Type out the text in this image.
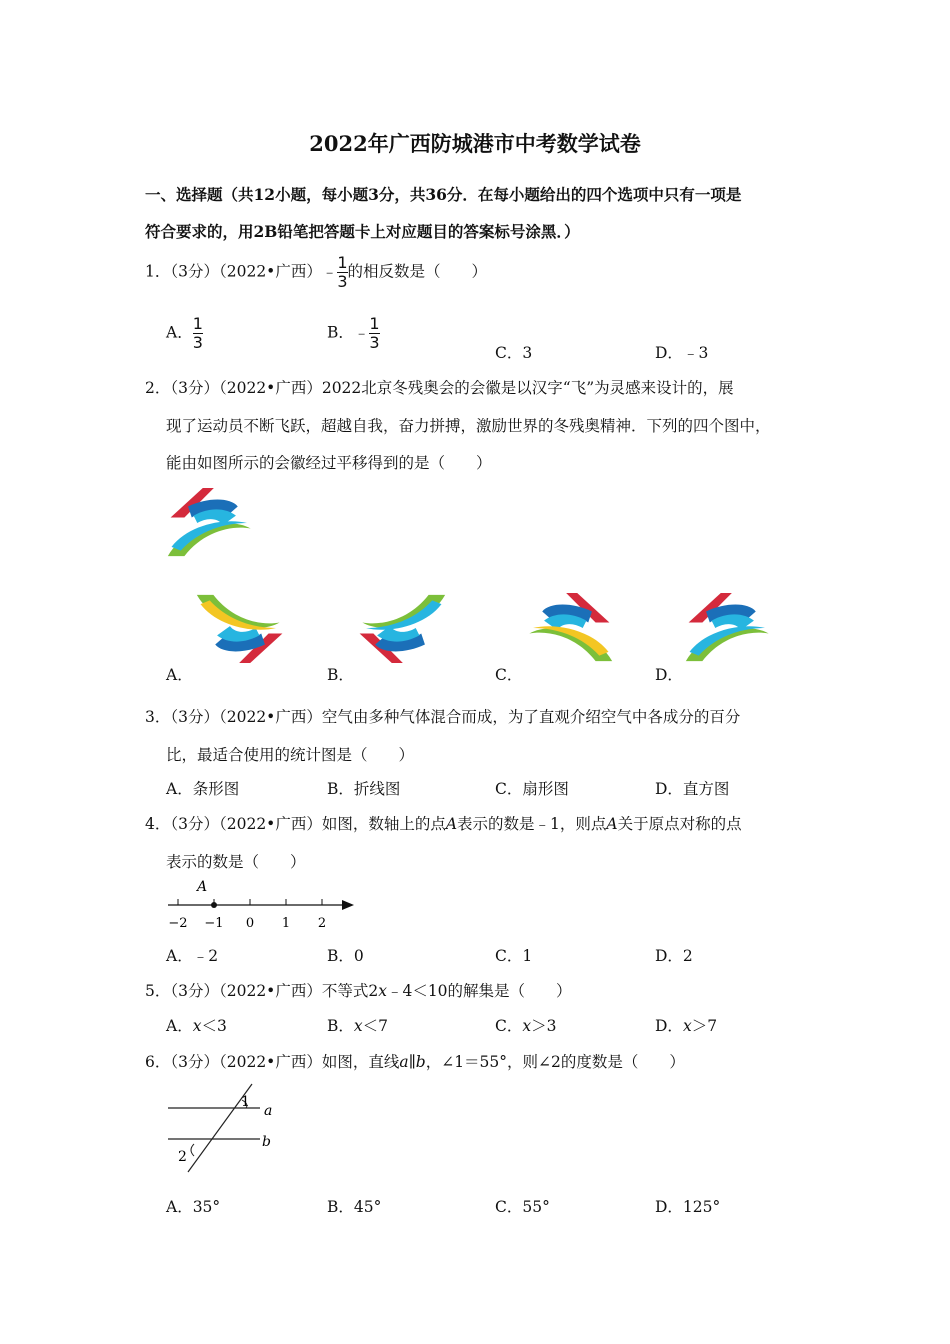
2022年广西防城港市中考数学试卷
一、选择题（共12小题，每小题3分，共36分．在每小题给出的四个选项中只有一项是
符合要求的，用2B铅笔把答题卡上对应题目的答案标号涂黑．）
1．（3分）（2022•广西）﹣ $\frac{1}{3}$ 的相反数是（　　）
A． $\frac{1}{3}$	B．﹣ $\frac{1}{3}$
C．3	D．﹣3
2．（3分）（2022•广西）2022北京冬残奥会的会徽是以汉字“飞”为灵感来设计的，展
现了运动员不断飞跃，超越自我，奋力拼搏，激励世界的冬残奥精神．下列的四个图中，
能由如图所示的会徽经过平移得到的是（　　）
A．	B．	C．	D．
3．（3分）（2022•广西）空气由多种气体混合而成，为了直观介绍空气中各成分的百分
比，最适合使用的统计图是（　　）
A．条形图	B．折线图	C．扇形图	D．直方图
4．（3分）（2022•广西）如图，数轴上的点A表示的数是﹣1，则点A关于原点对称的点
表示的数是（　　）
−2 −1 0 1 2
A
A．﹣2	B．0	C．1	D．2
5．（3分）（2022•广西）不等式2x﹣4＜10的解集是（　　）
A．x＜3	B．x＜7	C．x＞3	D．x＞7
6．（3分）（2022•广西）如图，直线a∥b，∠1＝55°，则∠2的度数是（　　）
1
2
a
b
A．35°	B．45°	C．55°	D．125°
